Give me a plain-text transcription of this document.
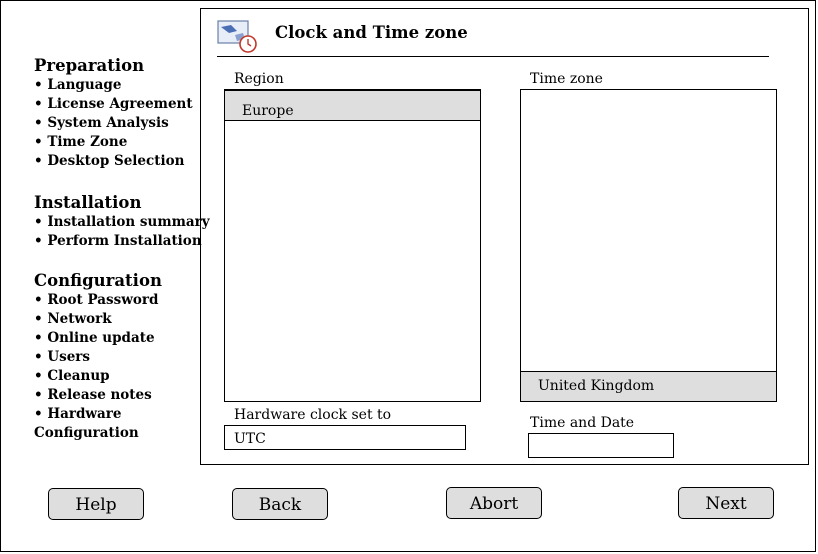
Preparation
• Language
• License Agreement
• System Analysis
• Time Zone
• Desktop Selection
Installation
• Installation summary
• Perform Installation
Configuration
• Root Password
• Network
• Online update
• Users
• Cleanup
• Release notes
• Hardware
Configuration
Clock and Time zone
Region
Europe
Time zone
United Kingdom
Hardware clock set to
UTC
Time and Date
Help	Back	Abort	Next
